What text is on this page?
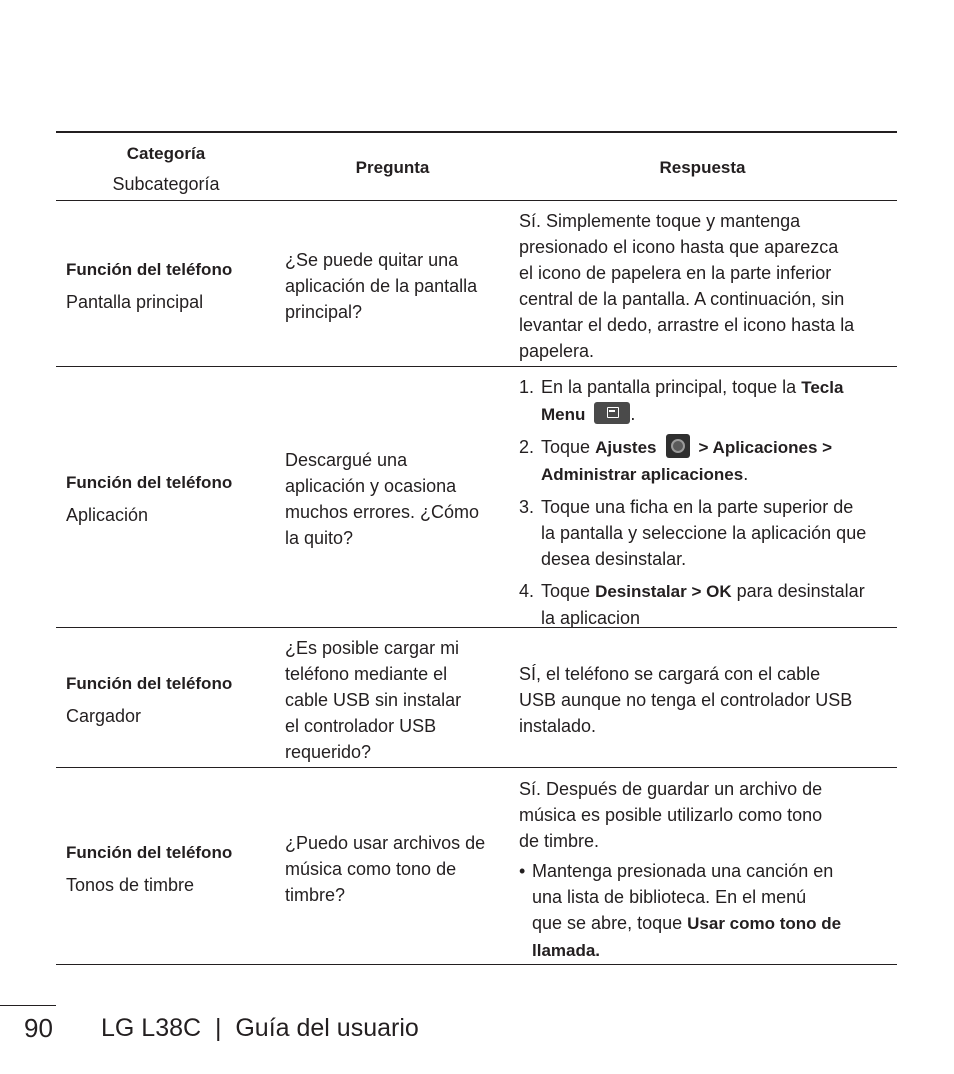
Categoría
Subcategoría
Pregunta	Respuesta
Función del teléfono
Pantalla principal
¿Se puede quitar una
aplicación de la pantalla
principal?
Sí. Simplemente toque y mantenga
presionado el icono hasta que aparezca
el icono de papelera en la parte inferior
central de la pantalla. A continuación, sin
levantar el dedo, arrastre el icono hasta la
papelera.
Función del teléfono
Aplicación
Descargué una
aplicación y ocasiona
muchos errores. ¿Cómo
la quito?
1. En la pantalla principal, toque la Tecla
Menu	.
2. Toque Ajustes > Aplicaciones >
Administrar aplicaciones.
3. Toque una ficha en la parte superior de
la pantalla y seleccione la aplicación que
desea desinstalar.
4. Toque Desinstalar > OK para desinstalar
la aplicacion
Función del teléfono
Cargador
¿Es posible cargar mi
teléfono mediante el
cable USB sin instalar
el controlador USB
requerido?
SÍ, el teléfono se cargará con el cable
USB aunque no tenga el controlador USB
instalado.
Función del teléfono
Tonos de timbre
¿Puedo usar archivos de
música como tono de
timbre?
Sí. Después de guardar un archivo de
música es posible utilizarlo como tono
de timbre.
• Mantenga presionada una canción en
una lista de biblioteca. En el menú
que se abre, toque Usar como tono de
llamada.
90 LG L38C  |  Guía del usuario
